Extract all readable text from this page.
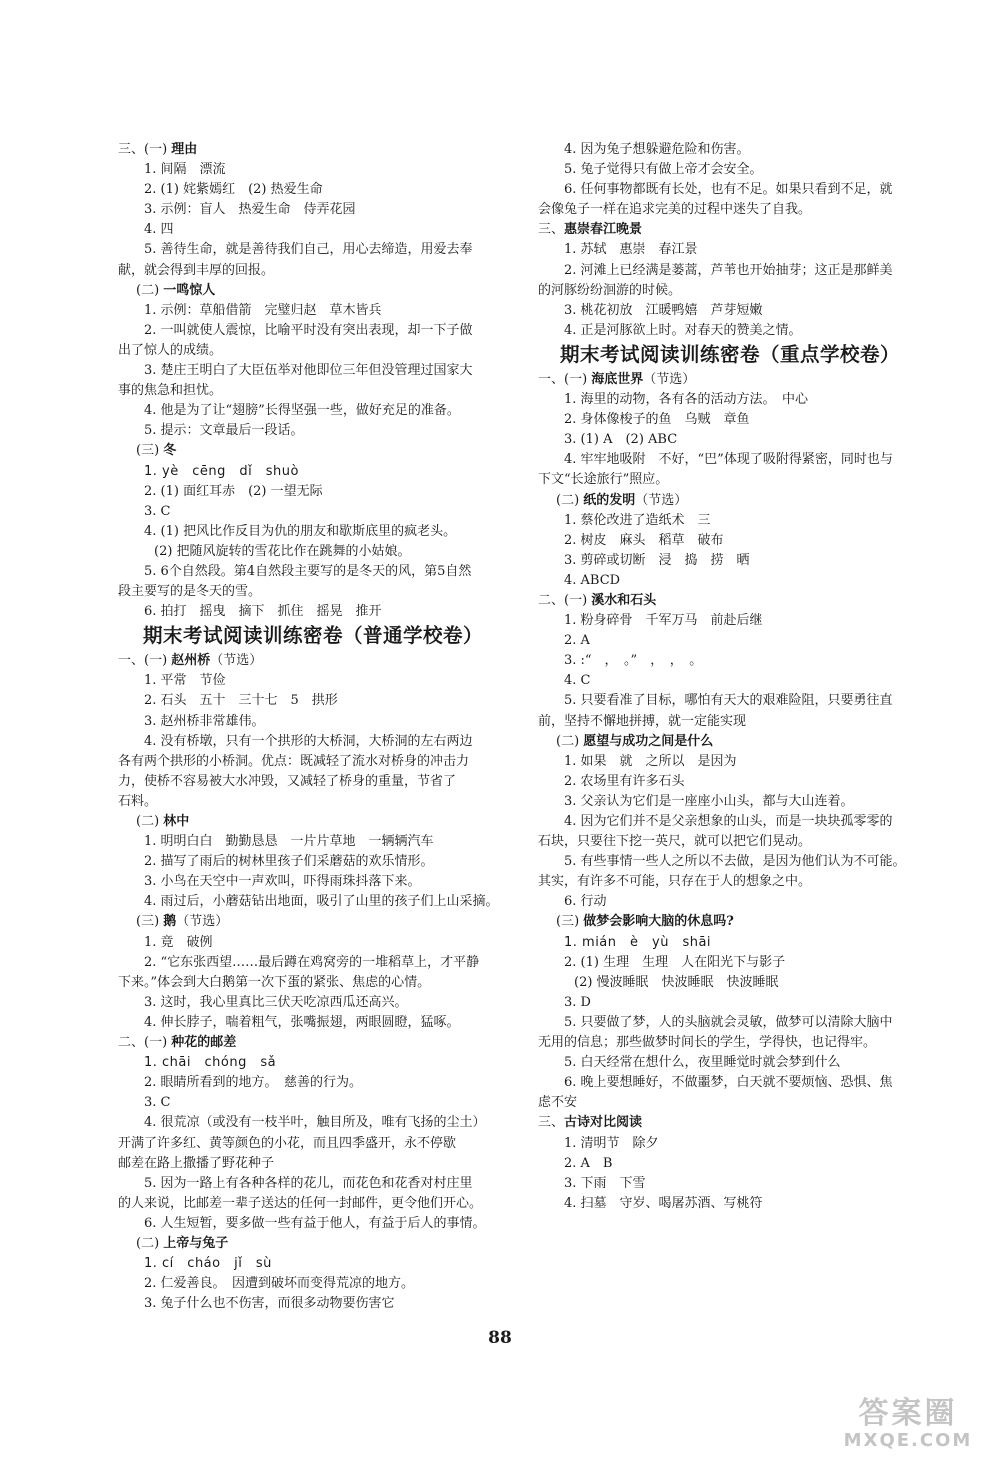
三、(一) 理由
1. 间隔　漂流
2. (1) 姹紫嫣红　(2) 热爱生命
3. 示例：盲人　热爱生命　侍弄花园
4. 四
5. 善待生命，就是善待我们自己，用心去缔造，用爱去奉
献，就会得到丰厚的回报。
(二) 一鸣惊人
1. 示例：草船借箭　完璧归赵　草木皆兵
2. 一叫就使人震惊，比喻平时没有突出表现，却一下子做
出了惊人的成绩。
3. 楚庄王明白了大臣伍举对他即位三年但没管理过国家大
事的焦急和担忧。
4. 他是为了让“翅膀”长得坚强一些，做好充足的准备。
5. 提示：文章最后一段话。
(三) 冬
1. yè　cēng　dǐ　shuò
2. (1) 面红耳赤　(2) 一望无际
3. C
4. (1) 把风比作反目为仇的朋友和歇斯底里的疯老头。
(2) 把随风旋转的雪花比作在跳舞的小姑娘。
5. 6个自然段。第4自然段主要写的是冬天的风，第5自然
段主要写的是冬天的雪。
6. 拍打　摇曳　摘下　抓住　摇晃　推开
期末考试阅读训练密卷（普通学校卷）
一、(一) 赵州桥（节选）
1. 平常　节俭
2. 石头　五十　三十七　5　拱形
3. 赵州桥非常雄伟。
4. 没有桥墩，只有一个拱形的大桥洞，大桥洞的左右两边
各有两个拱形的小桥洞。优点：既减轻了流水对桥身的冲击力
力，使桥不容易被大水冲毁，又减轻了桥身的重量，节省了
石料。
(二) 林中
1. 明明白白　勤勤恳恳　一片片草地　一辆辆汽车
2. 描写了雨后的树林里孩子们采蘑菇的欢乐情形。
3. 小鸟在天空中一声欢叫，吓得雨珠抖落下来。
4. 雨过后，小蘑菇钻出地面，吸引了山里的孩子们上山采摘。
(三) 鹅（节选）
1. 竟　破例
2. “它东张西望……最后蹲在鸡窝旁的一堆稻草上，才平静
下来。”体会到大白鹅第一次下蛋的紧张、焦虑的心情。
3. 这时，我心里真比三伏天吃凉西瓜还高兴。
4. 伸长脖子，喘着粗气，张嘴振翅，两眼圆瞪，猛啄。
二、(一) 种花的邮差
1. chāi　chóng　sǎ
2. 眼睛所看到的地方。　慈善的行为。
3. C
4. 很荒凉（或没有一枝半叶，触目所及，唯有飞扬的尘土）
开满了许多红、黄等颜色的小花，而且四季盛开，永不停歇
邮差在路上撒播了野花种子
5. 因为一路上有各种各样的花儿，而花色和花香对村庄里
的人来说，比邮差一辈子送达的任何一封邮件，更令他们开心。
6. 人生短暂，要多做一些有益于他人，有益于后人的事情。
(二) 上帝与兔子
1. cí　cháo　jǐ　sù
2. 仁爱善良。　因遭到破坏而变得荒凉的地方。
3. 兔子什么也不伤害，而很多动物要伤害它
4. 因为兔子想躲避危险和伤害。
5. 兔子觉得只有做上帝才会安全。
6. 任何事物都既有长处，也有不足。如果只看到不足，就
会像兔子一样在追求完美的过程中迷失了自我。
三、惠崇春江晚景
1. 苏轼　惠崇　春江景
2. 河滩上已经满是蒌蒿，芦苇也开始抽芽；这正是那鲜美
的河豚纷纷洄游的时候。
3. 桃花初放　江暖鸭嬉　芦芽短嫩
4. 正是河豚欲上时。对春天的赞美之情。
期末考试阅读训练密卷（重点学校卷）
一、(一) 海底世界（节选）
1. 海里的动物，各有各的活动方法。　中心
2. 身体像梭子的鱼　乌贼　章鱼
3. (1) A　(2) ABC
4. 牢牢地吸附　不好，“巴”体现了吸附得紧密，同时也与
下文“长途旅行”照应。
(二) 纸的发明（节选）
1. 蔡伦改进了造纸术　三
2. 树皮　麻头　稻草　破布
3. 剪碎或切断　浸　捣　捞　晒
4. ABCD
二、(一) 溪水和石头
1. 粉身碎骨　千军万马　前赴后继
2. A
3. :“　，　。”　，　，　。
4. C
5. 只要看准了目标，哪怕有天大的艰难险阻，只要勇往直
前，坚持不懈地拼搏，就一定能实现
(二) 愿望与成功之间是什么
1. 如果　就　之所以　是因为
2. 农场里有许多石头
3. 父亲认为它们是一座座小山头，都与大山连着。
4. 因为它们并不是父亲想象的山头，而是一块块孤零零的
石块，只要往下挖一英尺，就可以把它们晃动。
5. 有些事情一些人之所以不去做，是因为他们认为不可能。
其实，有许多不可能，只存在于人的想象之中。
6. 行动
(三) 做梦会影响大脑的休息吗?
1. mián　è　yù　shāi
2. (1) 生理　生理　人在阳光下与影子
(2) 慢波睡眠　快波睡眠　快波睡眠
3. D
5. 只要做了梦，人的头脑就会灵敏，做梦可以清除大脑中
无用的信息；那些做梦时间长的学生，学得快，也记得牢。
5. 白天经常在想什么，夜里睡觉时就会梦到什么
6. 晚上要想睡好，不做噩梦，白天就不要烦恼、恐惧、焦
虑不安
三、古诗对比阅读
1. 清明节　除夕
2. A　B
3. 下雨　下雪
4. 扫墓　守岁、喝屠苏酒、写桃符
88
答案圈
MXQE.COM
